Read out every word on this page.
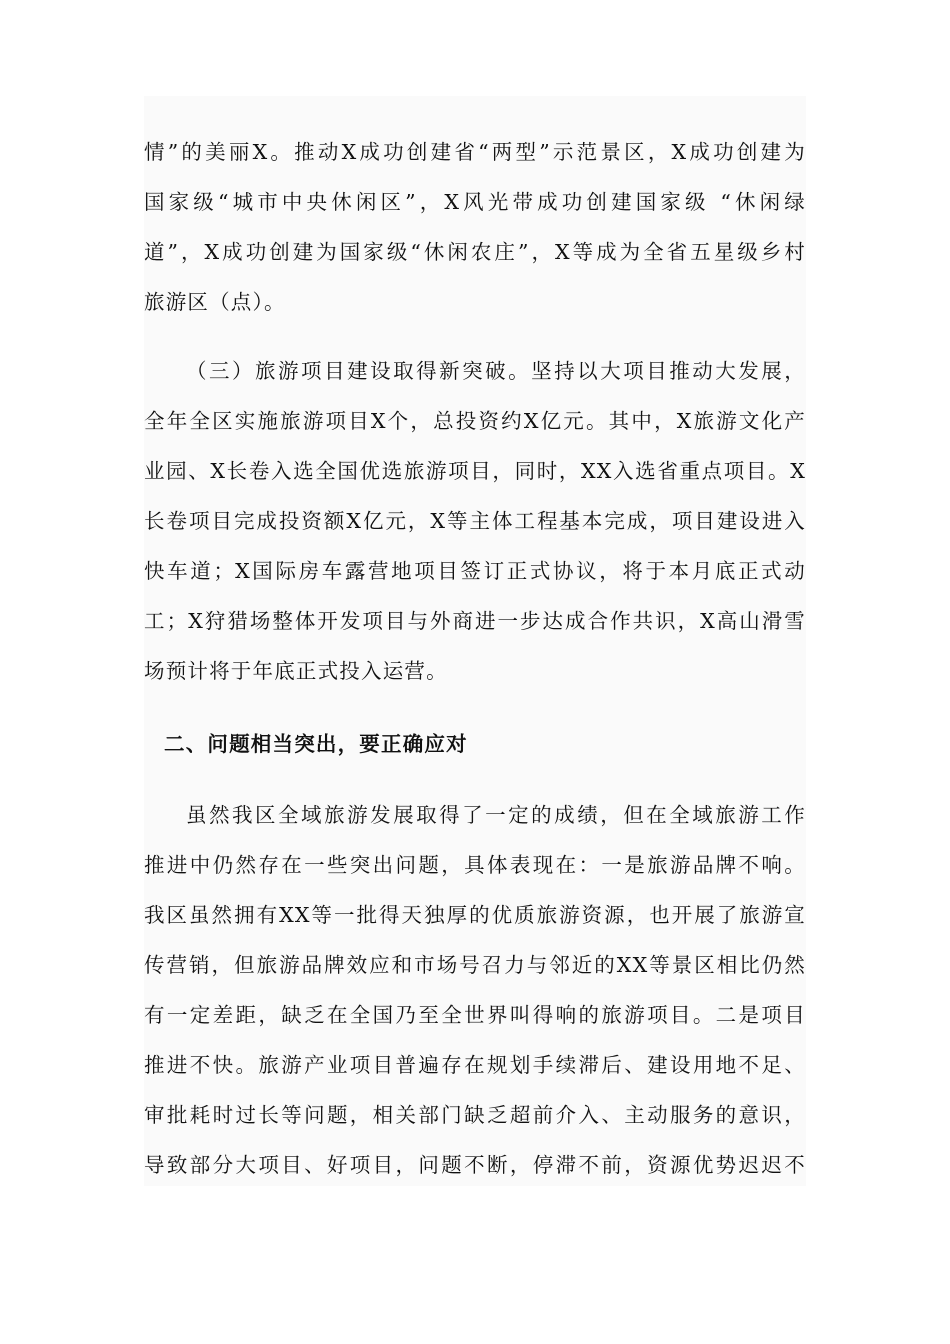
情”的美丽X。推动X成功创建省“两型”示范景区，X成功创建为
国家级“城市中央休闲区”，X风光带成功创建国家级 “休闲绿
道”，X成功创建为国家级“休闲农庄”，X等成为全省五星级乡村
旅游区（点）。
（三）旅游项目建设取得新突破。坚持以大项目推动大发展，
全年全区实施旅游项目X个，总投资约X亿元。其中，X旅游文化产
业园、X长卷入选全国优选旅游项目，同时，XX入选省重点项目。X
长卷项目完成投资额X亿元，X等主体工程基本完成，项目建设进入
快车道；X国际房车露营地项目签订正式协议，将于本月底正式动
工；X狩猎场整体开发项目与外商进一步达成合作共识，X高山滑雪
场预计将于年底正式投入运营。
二、问题相当突出，要正确应对
虽然我区全域旅游发展取得了一定的成绩，但在全域旅游工作
推进中仍然存在一些突出问题，具体表现在：一是旅游品牌不响。
我区虽然拥有XX等一批得天独厚的优质旅游资源，也开展了旅游宣
传营销，但旅游品牌效应和市场号召力与邻近的XX等景区相比仍然
有一定差距，缺乏在全国乃至全世界叫得响的旅游项目。二是项目
推进不快。旅游产业项目普遍存在规划手续滞后、建设用地不足、
审批耗时过长等问题，相关部门缺乏超前介入、主动服务的意识，
导致部分大项目、好项目，问题不断，停滞不前，资源优势迟迟不
